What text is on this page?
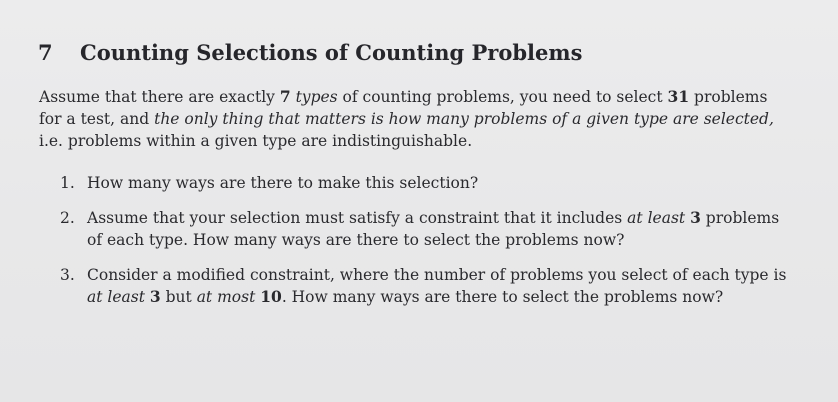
7 Counting Selections of Counting Problems
Assume that there are exactly 7 types of counting problems, you need to select 31 problems
for a test, and the only thing that matters is how many problems of a given type are selected,
i.e. problems within a given type are indistinguishable.
1. How many ways are there to make this selection?
2. Assume that your selection must satisfy a constraint that it includes at least 3 problems
of each type. How many ways are there to select the problems now?
3. Consider a modified constraint, where the number of problems you select of each type is
at least 3 but at most 10. How many ways are there to select the problems now?
